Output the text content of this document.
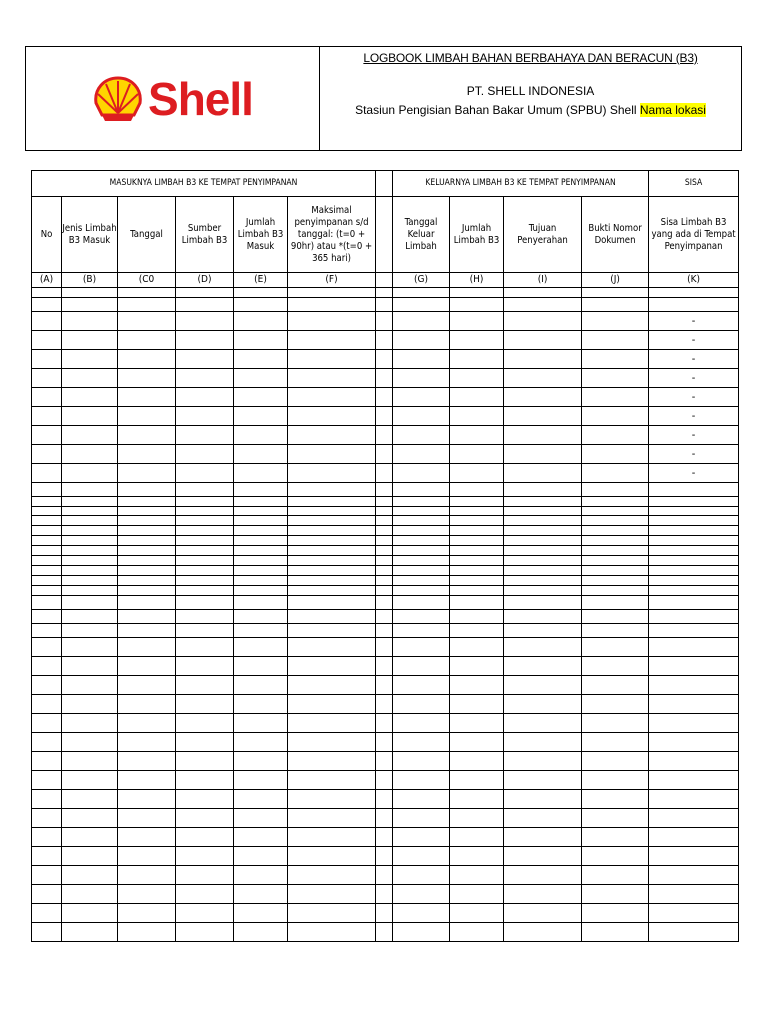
Shell
LOGBOOK LIMBAH BAHAN BERBAHAYA DAN BERACUN (B3)
PT. SHELL INDONESIA
Stasiun Pengisian Bahan Bakar Umum (SPBU) Shell Nama lokasi
MASUKNYA LIMBAH B3 KE TEMPAT PENYIMPANAN							KELUARNYA LIMBAH B3 KE TEMPAT PENYIMPANAN				SISA
No	Jenis Limbah B3 Masuk	Tanggal	Sumber Limbah B3	Jumlah Limbah B3 Masuk	Maksimal penyimpanan s/d tanggal: (t=0 + 90hr) atau *(t=0 + 365 hari)		Tanggal Keluar Limbah	Jumlah Limbah B3	Tujuan Penyerahan	Bukti Nomor Dokumen	Sisa Limbah B3 yang ada di Tempat Penyimpanan
(A)	(B)	(C0	(D)	(E)	(F)		(G)	(H)	(I)	(J)	(K)

											-
											-
											-
											-
											-
											-
											-
											-
											-
